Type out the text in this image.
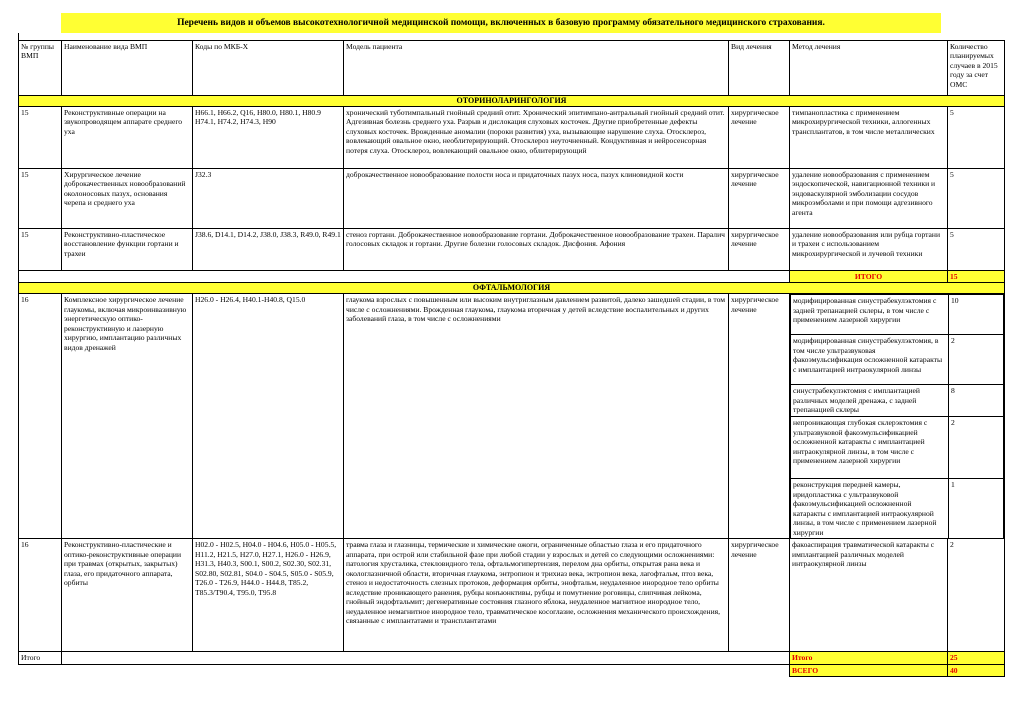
Перечень видов и объемов высокотехнологичной медицинской помощи, включенных в базовую программу обязательного медицинского страхования.
№ группы ВМП	Наименование вида ВМП	Коды по МКБ-X	Модель пациента	Вид лечения	Метод лечения	Количество планируемых случаев в 2015 году за счет ОМС
ОТОРИНОЛАРИНГОЛОГИЯ
15	Реконструктивные операции на звукопроводящем аппарате среднего уха	H66.1, H66.2, Q16, H80.0, H80.1, H80.9 H74.1, H74.2, H74.3, H90	хронический туботимпальный гнойный средний отит. Хронический эпитимпано-антральный гнойный средний отит. Адгезивная болезнь среднего уха. Разрыв и дислокация слуховых косточек. Другие приобретенные дефекты слуховых косточек. Врожденные аномалии (пороки развития) уха, вызывающие нарушение слуха. Отосклероз, вовлекающий овальное окно, необлитерирующий. Отосклероз неуточненный. Кондуктивная и нейросенсорная потеря слуха. Отосклероз, вовлекающий овальное окно, облитерирующий	хирургическое лечение	тимпанопластика с применением микрохирургической техники, аллогенных трансплантатов, в том числе металлических	5
15	Хирургическое лечение доброкачественных новообразований околоносовых пазух, основания черепа и среднего уха	J32.3	доброкачественное новообразование полости носа и придаточных пазух носа, пазух клиновидной кости	хирургическое лечение	удаление новообразования с применением эндоскопической, навигационной техники и эндоваскулярной эмболизации сосудов микроэмболами и при помощи адгезивного агента	5
15	Реконструктивно-пластическое восстановление функции гортани и трахеи	J38.6, D14.1, D14.2, J38.0, J38.3, R49.0, R49.1	стеноз гортани. Доброкачественное новообразование гортани. Доброкачественное новообразование трахеи. Паралич голосовых складок и гортани. Другие болезни голосовых складок. Дисфония. Афония	хирургическое лечение	удаление новообразования или рубца гортани и трахеи с использованием микрохирургической и лучевой техники	5
	ИТОГО	15
ОФТАЛЬМОЛОГИЯ
16	Комплексное хирургическое лечение глаукомы, включая микроинвазивную энергетическую оптико-реконструктивную и лазерную хирургию, имплантацию различных видов дренажей	H26.0 - H26.4, H40.1-H40.8, Q15.0	глаукома взрослых с повышенным или высоким внутриглазным давлением развитой, далеко зашедшей стадии, в том числе с осложнениями. Врожденная глаукома, глаукома вторичная у детей вследствие воспалительных и других заболеваний глаза, в том числе с осложнениями	хирургическое лечение	
модифицированная синустрабекулэктомия с задней трепанацией склеры, в том числе с применением лазерной хирургии	10
модифицированная синустрабекулэктомия, в том числе ультразвуковая факоэмульсификация осложненной катаракты с имплантацией интраокулярной линзы	2
синустрабекулэктомия с имплантацией различных моделей дренажа, с задней трепанацией склеры	8
непроникающая глубокая склерэктомия с ультразвуковой факоэмульсификацией осложненной катаракты с имплантацией интраокулярной линзы, в том числе с применением лазерной хирургии	2
реконструкция передней камеры, иридопластика с ультразвуковой факоэмульсификацией осложненной катаракты с имплантацией интраокулярной линзы, в том числе с применением лазерной хирургии	1

16	Реконструктивно-пластические и оптико-реконструктивные операции при травмах (открытых, закрытых) глаза, его придаточного аппарата, орбиты	H02.0 - H02.5, H04.0 - H04.6, H05.0 - H05.5, H11.2, H21.5, H27.0, H27.1, H26.0 - H26.9, H31.3, H40.3, S00.1, S00.2, S02.30, S02.31, S02.80, S02.81, S04.0 - S04.5, S05.0 - S05.9, T26.0 - T26.9, H44.0 - H44.8, T85.2, T85.3/T90.4, T95.0, T95.8	травма глаза и глазницы, термические и химические ожоги, ограниченные областью глаза и его придаточного аппарата, при острой или стабильной фазе при любой стадии у взрослых и детей со следующими осложнениями: патология хрусталика, стекловидного тела, офтальмогипертензия, перелом дна орбиты, открытая рана века и окологлазничной области, вторичная глаукома, энтропион и трихиаз века, эктропион века, лагофтальм, птоз века, стеноз и недостаточность слезных протоков, деформация орбиты, энофтальм, неудаленное инородное тело орбиты вследствие проникающего ранения, рубцы конъюнктивы, рубцы и помутнение роговицы, слипчивая лейкома, гнойный эндофтальмит; дегенеративные состояния глазного яблока, неудаленное магнитное инородное тело, неудаленное немагнитное инородное тело, травматическое косоглазие, осложнения механического происхождения, связанные с имплантатами и трансплантатами	хирургическое лечение	факоаспирация травматической катаракты с имплантацией различных моделей интраокулярной линзы	2
Итого		Итого	25
	ВСЕГО	40
